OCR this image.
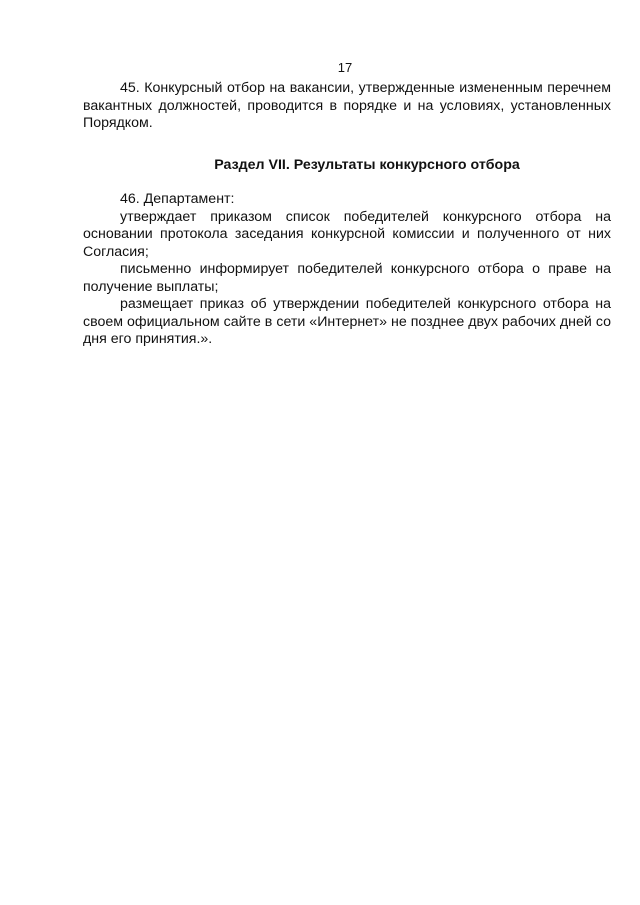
17

45. Конкурсный отбор на вакансии, утвержденные измененным перечнем вакантных должностей, проводится в порядке и на условиях, установленных Порядком.

Раздел VII. Результаты конкурсного отбора

46. Департамент:

утверждает приказом список победителей конкурсного отбора на основании протокола заседания конкурсной комиссии и полученного от них Согласия;

письменно информирует победителей конкурсного отбора о праве на получение выплаты;

размещает приказ об утверждении победителей конкурсного отбора на своем официальном сайте в сети «Интернет» не позднее двух рабочих дней со дня его принятия.».
